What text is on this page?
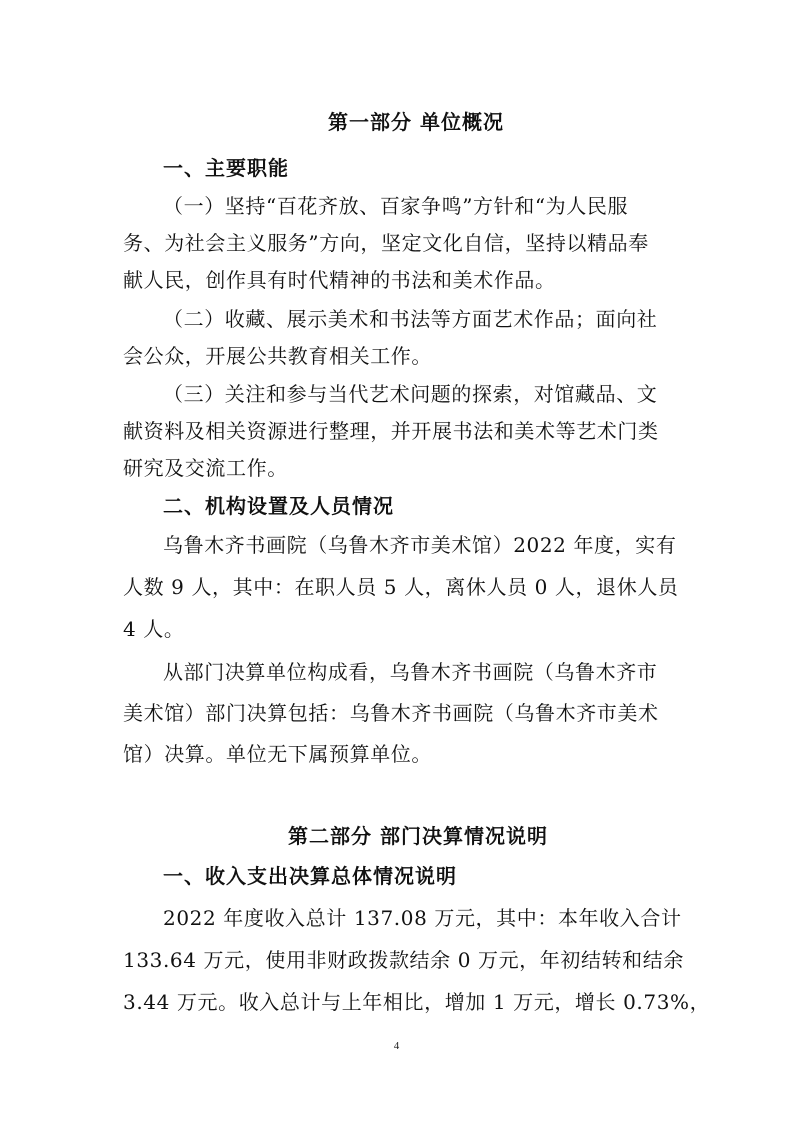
第一部分 单位概况
一、主要职能
（一）坚持“百花齐放、百家争鸣”方针和“为人民服
务、为社会主义服务”方向，坚定文化自信，坚持以精品奉
献人民，创作具有时代精神的书法和美术作品。
（二）收藏、展示美术和书法等方面艺术作品；面向社
会公众，开展公共教育相关工作。
（三）关注和参与当代艺术问题的探索，对馆藏品、文
献资料及相关资源进行整理，并开展书法和美术等艺术门类
研究及交流工作。
二、机构设置及人员情况
乌鲁木齐书画院（乌鲁木齐市美术馆）2022 年度，实有
人数 9 人，其中：在职人员 5 人，离休人员 0 人，退休人员
4 人。
从部门决算单位构成看，乌鲁木齐书画院（乌鲁木齐市
美术馆）部门决算包括：乌鲁木齐书画院（乌鲁木齐市美术
馆）决算。单位无下属预算单位。
第二部分 部门决算情况说明
一、收入支出决算总体情况说明
2022 年度收入总计 137.08 万元，其中：本年收入合计
133.64 万元，使用非财政拨款结余 0 万元，年初结转和结余
3.44 万元。收入总计与上年相比，增加 1 万元，增长 0.73%，
4
